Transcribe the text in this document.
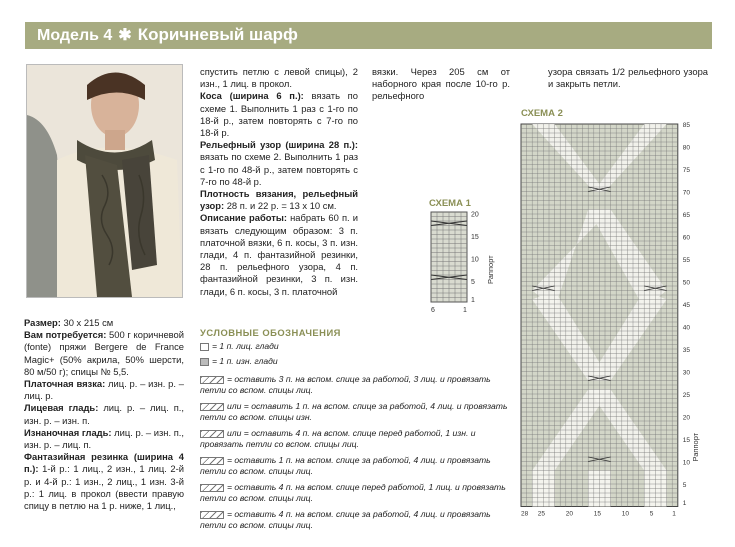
Модель 4 ✱ Коричневый шарф

Размер: 30 х 215 см

Вам потребуется: 500 г коричневой (fonte) пряжи Bergere de France Magic+ (50% акрила, 50% шерсти, 80 м/50 г); спицы № 5,5.

Платочная вязка: лиц. р. – изн. р. – лиц. р.

Лицевая гладь: лиц. р. – лиц. п., изн. р. – изн. п.

Изнаночная гладь: лиц. р. – изн. п., изн. р. – лиц. п.

Фантазийная резинка (ширина 4 п.): 1-й р.: 1 лиц., 2 изн., 1 лиц. 2-й р. и 4-й р.: 1 изн., 2 лиц., 1 изн. 3-й р.: 1 лиц. в прокол (ввести правую спицу в петлю на 1 р. ниже, 1 лиц.,

спустить петлю с левой спицы), 2 изн., 1 лиц. в прокол.

Коса (ширина 6 п.): вязать по схеме 1. Выполнить 1 раз с 1-го по 18-й р., затем повторять с 7-го по 18-й р.

Рельефный узор (ширина 28 п.): вязать по схеме 2. Выполнить 1 раз с 1-го по 48-й р., затем повторять с 7-го по 48-й р.

Плотность вязания, рельефный узор: 28 п. и 22 р. = 13 х 10 см.

Описание работы: набрать 60 п. и вязать следующим образом: 3 п. платочной вязки, 6 п. косы, 3 п. изн. глади, 4 п. фантазийной резинки, 28 п. рельефного узора, 4 п. фантазийной резинки, 3 п. изн. глади, 6 п. косы, 3 п. платочной

вязки. Через 205 см от наборного края после 10-го р. рельефного

узора связать 1/2 рельефного узора и закрыть петли.

УСЛОВНЫЕ ОБОЗНАЧЕНИЯ
= 1 п. лиц. глади
= 1 п. изн. глади
= оставить 3 п. на вспом. спице за работой, 3 лиц. и провязать петли со вспом. спицы лиц.
или = оставить 1 п. на вспом. спице за работой, 4 лиц. и провязать петли со вспом. спицы изн.
или = оставить 4 п. на вспом. спице перед работой, 1 изн. и провязать петли со вспом. спицы лиц.
= оставить 1 п. на вспом. спице за работой, 4 лиц. и провязать петли со вспом. спицы лиц.
= оставить 4 п. на вспом. спице перед работой, 1 лиц. и провязать петли со вспом. спицы лиц.
= оставить 4 п. на вспом. спице за работой, 4 лиц. и провязать петли со вспом. спицы лиц.
СХЕМА 1
20
15
10
5
1
6	1
Раппорт
СХЕМА 2
85
80
75
70
65
60
55
50
45
40
35
30
25
20
15
10
5
1
28 25	20	15	10	5	1
Раппорт
